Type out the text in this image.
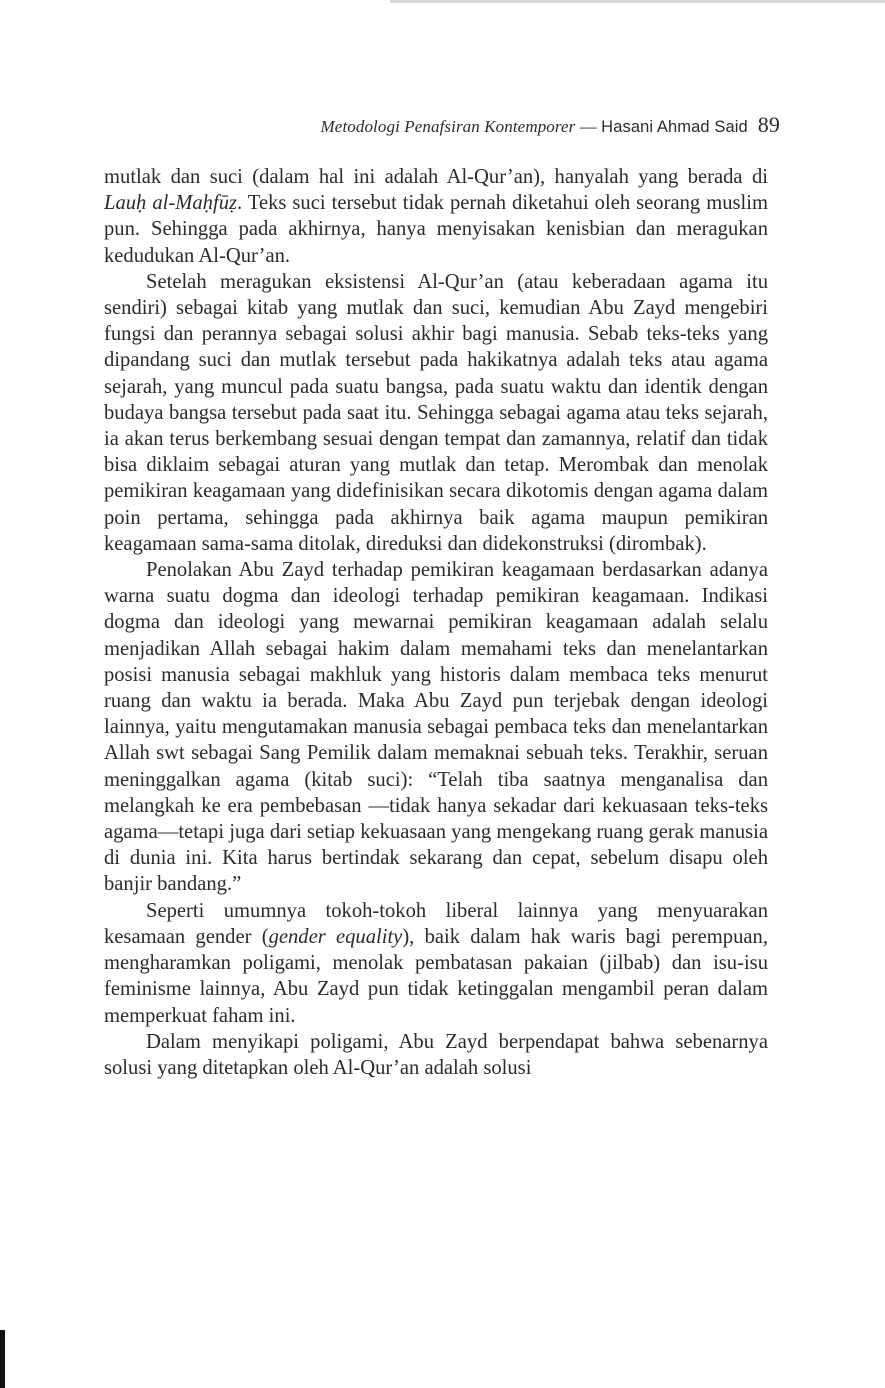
Metodologi Penafsiran Kontemporer — Hasani Ahmad Said 89

mutlak dan suci (dalam hal ini adalah Al-Qur’an), hanyalah yang berada di Lauḥ al-Maḥfūẓ. Teks suci tersebut tidak pernah diketahui oleh seorang muslim pun. Sehingga pada akhirnya, hanya menyisakan kenisbian dan meragukan kedudukan Al-Qur’an.

Setelah meragukan eksistensi Al-Qur’an (atau keberadaan agama itu sendiri) sebagai kitab yang mutlak dan suci, kemudian Abu Zayd mengebiri fungsi dan perannya sebagai solusi akhir bagi manusia. Sebab teks-teks yang dipandang suci dan mutlak tersebut pada hakikatnya adalah teks atau agama sejarah, yang muncul pada suatu bangsa, pada suatu waktu dan identik dengan budaya bangsa tersebut pada saat itu. Sehingga sebagai agama atau teks sejarah, ia akan terus berkembang sesuai dengan tempat dan zamannya, relatif dan tidak bisa diklaim sebagai aturan yang mutlak dan tetap. Merombak dan menolak pemikiran keagamaan yang didefinisikan secara dikotomis dengan agama dalam poin pertama, sehingga pada akhirnya baik agama maupun pemikiran keagamaan sama-sama ditolak, direduksi dan didekonstruksi (dirombak).

Penolakan Abu Zayd terhadap pemikiran keagamaan berdasarkan adanya warna suatu dogma dan ideologi terhadap pemikiran keagamaan. Indikasi dogma dan ideologi yang mewarnai pemikiran keagamaan adalah selalu menjadikan Allah sebagai hakim dalam memahami teks dan menelantarkan posisi manusia sebagai makhluk yang historis dalam membaca teks menurut ruang dan waktu ia berada. Maka Abu Zayd pun terjebak dengan ideologi lainnya, yaitu mengutamakan manusia sebagai pembaca teks dan menelantarkan Allah swt sebagai Sang Pemilik dalam memaknai sebuah teks. Terakhir, seruan meninggalkan agama (kitab suci): “Telah tiba saatnya menganalisa dan melangkah ke era pembebasan —tidak hanya sekadar dari kekuasaan teks-teks agama—tetapi juga dari setiap kekuasaan yang mengekang ruang gerak manusia di dunia ini. Kita harus bertindak sekarang dan cepat, sebelum disapu oleh banjir bandang.”

Seperti umumnya tokoh-tokoh liberal lainnya yang menyuarakan kesamaan gender (gender equality), baik dalam hak waris bagi perempuan, mengharamkan poligami, menolak pembatasan pakaian (jilbab) dan isu-isu feminisme lainnya, Abu Zayd pun tidak ketinggalan mengambil peran dalam memperkuat faham ini.

Dalam menyikapi poligami, Abu Zayd berpendapat bahwa sebenarnya solusi yang ditetapkan oleh Al-Qur’an adalah solusi
